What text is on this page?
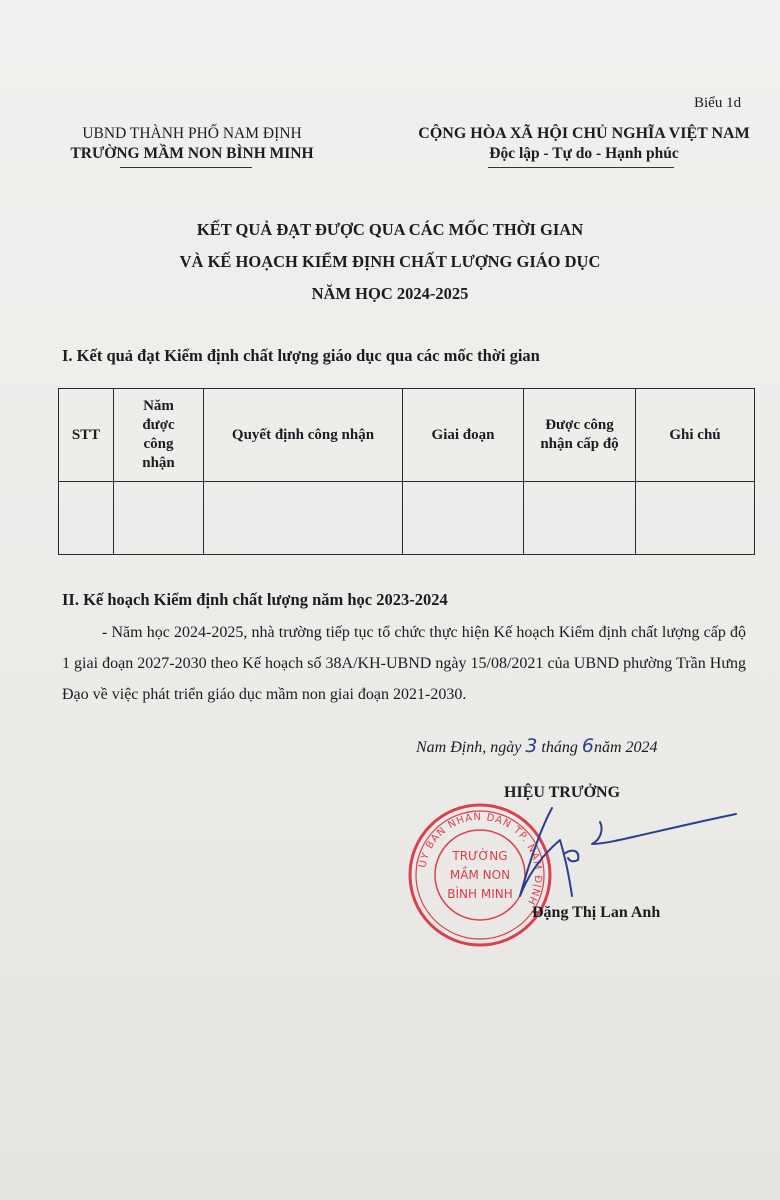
Biểu 1d
UBND THÀNH PHỐ NAM ĐỊNH
TRƯỜNG MẦM NON BÌNH MINH
CỘNG HÒA XÃ HỘI CHỦ NGHĨA VIỆT NAM
Độc lập - Tự do - Hạnh phúc
KẾT QUẢ ĐẠT ĐƯỢC QUA CÁC MỐC THỜI GIAN
VÀ KẾ HOẠCH KIỂM ĐỊNH CHẤT LƯỢNG GIÁO DỤC
NĂM HỌC 2024-2025
I. Kết quả đạt Kiểm định chất lượng giáo dục qua các mốc thời gian
STT	Năm được công nhận	Quyết định công nhận	Giai đoạn	Được công nhận cấp độ	Ghi chú

II. Kế hoạch Kiểm định chất lượng năm học 2023-2024
- Năm học 2024-2025, nhà trường tiếp tục tổ chức thực hiện Kế hoạch Kiểm định chất lượng cấp độ 1 giai đoạn 2027-2030 theo Kế hoạch số 38A/KH-UBND ngày 15/08/2021 của UBND phường Trần Hưng Đạo về việc phát triển giáo dục mầm non giai đoạn 2021-2030.
Nam Định, ngày 3 tháng 6năm 2024
HIỆU TRƯỞNG
ỦY BAN NHÂN DÂN TP. NAM ĐỊNH
TRƯỜNG
MẦM NON
BÌNH MINH
Đặng Thị Lan Anh
